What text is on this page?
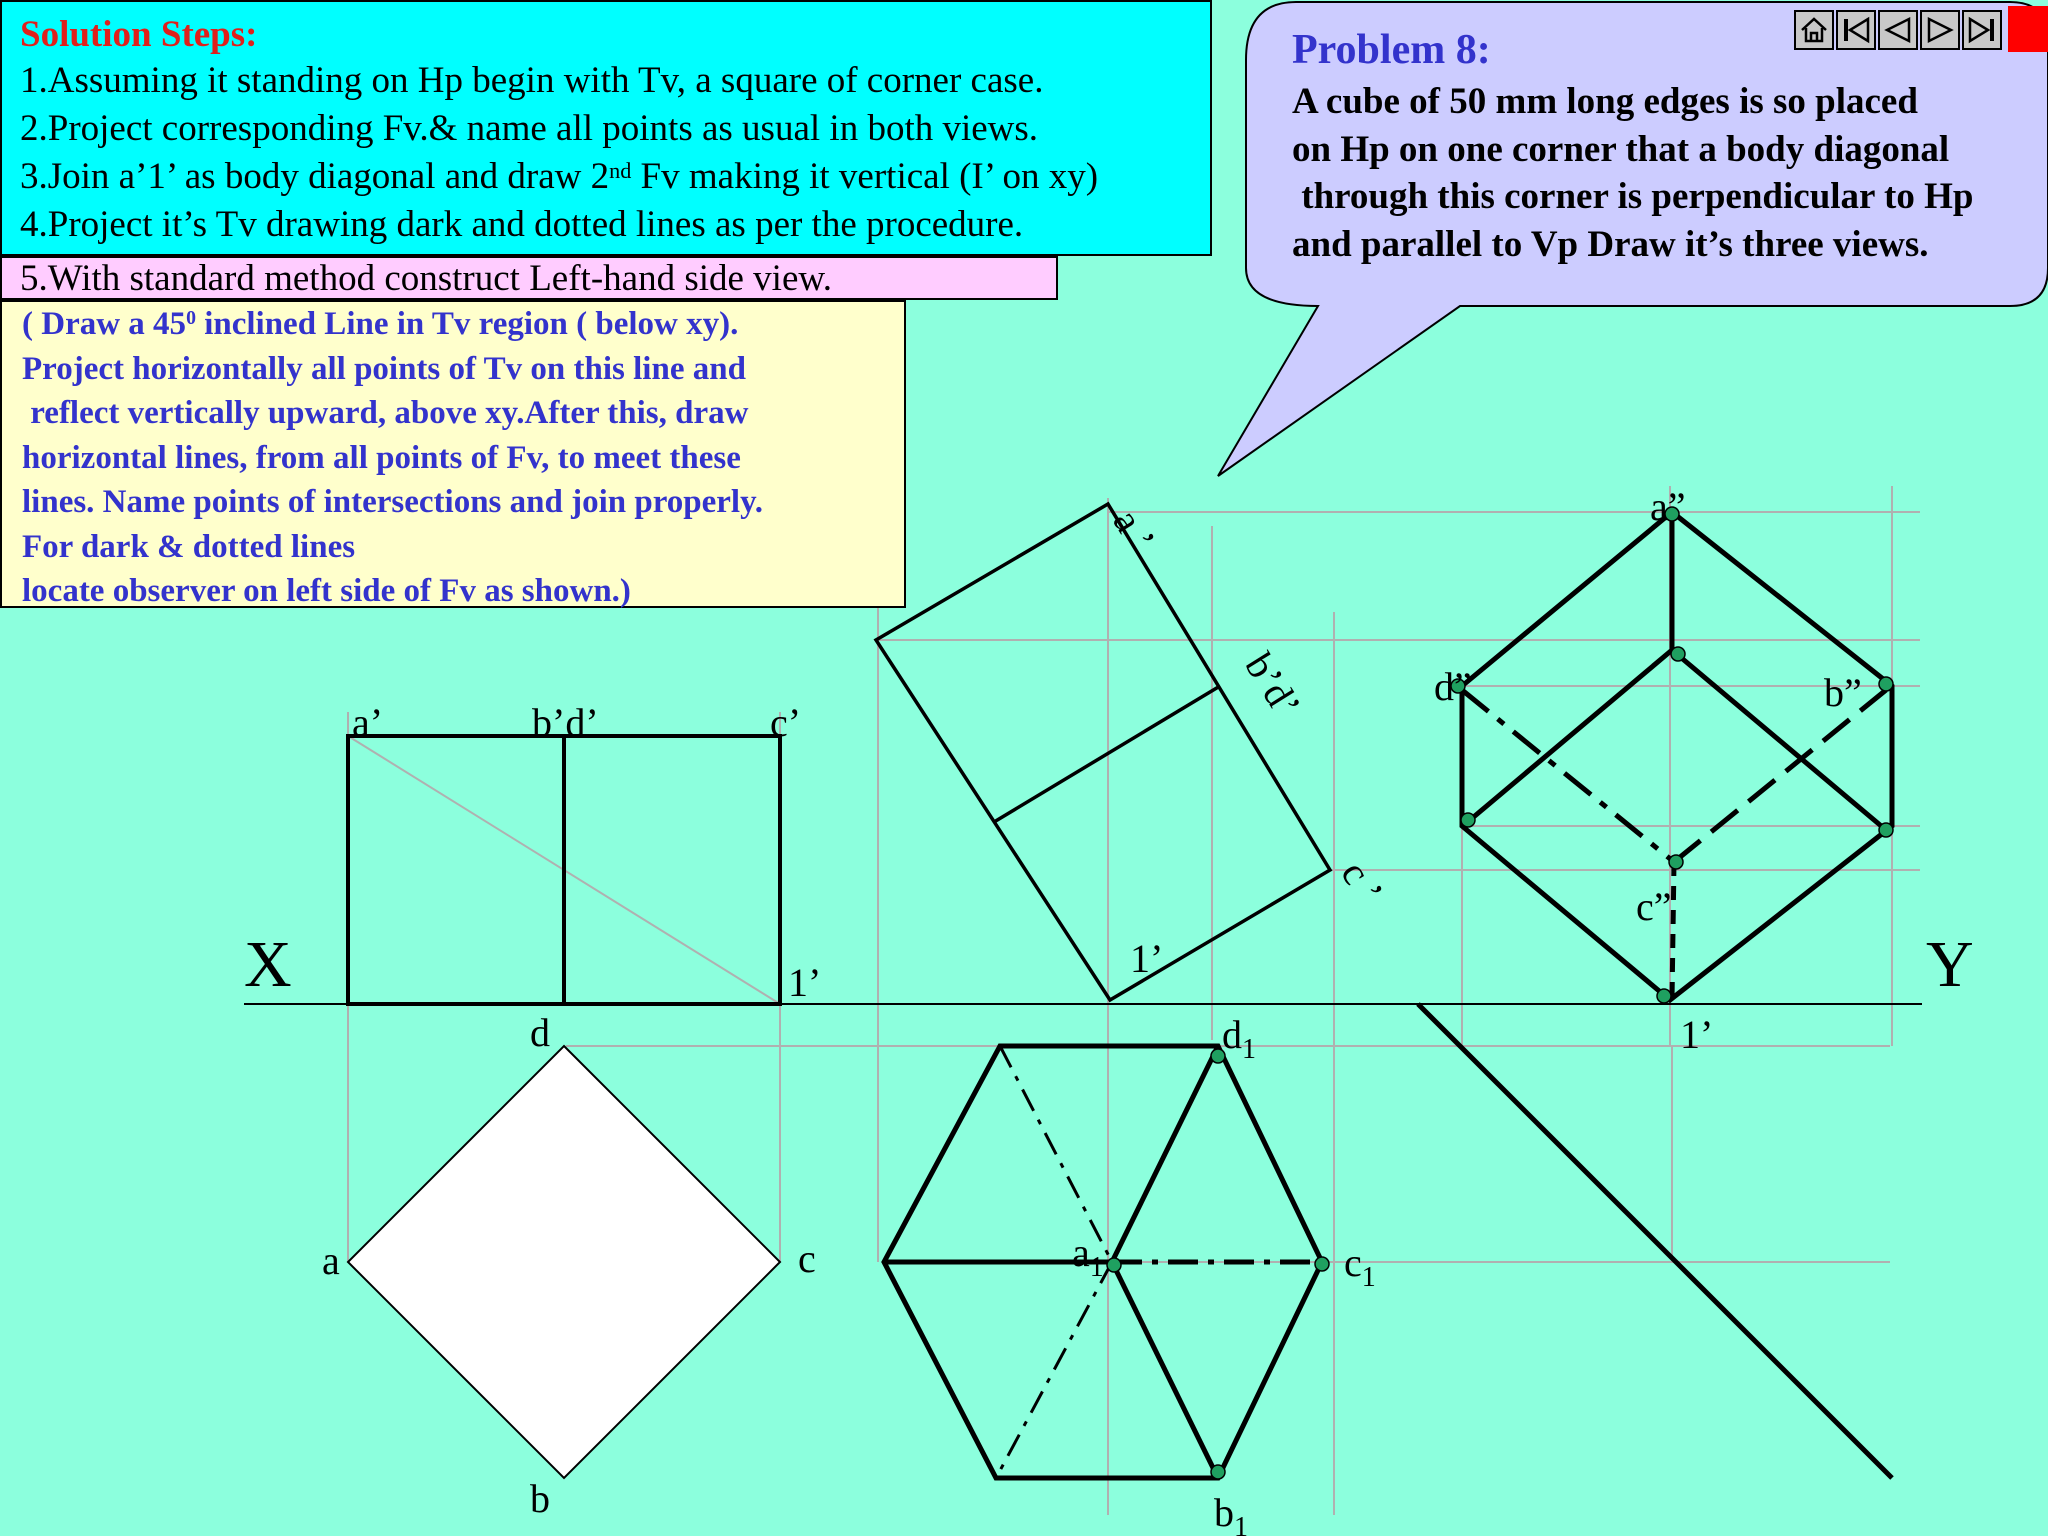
X	Y
a’	b’d’	c’
1’
d
a	c
b
a ’
b’d’
c ’
1’
$d_1$
$a_1$	$c_1$
$b_1$
a”
d”	b”
c”
1’
Solution Steps:
1.Assuming it standing on Hp begin with Tv, a square of corner case.
2.Project corresponding Fv.& name all points as usual in both views.
3.Join a’1’ as body diagonal and draw 2nd Fv making it vertical (I’ on xy)
4.Project it’s Tv drawing dark and dotted lines as per the procedure.
5.With standard method construct Left-hand side view.
( Draw a $45^0$ inclined Line in Tv region ( below xy).
Project horizontally all points of Tv on this line and
reflect vertically upward, above xy.After this, draw
horizontal lines, from all points of Fv, to meet these
lines. Name points of intersections and join properly.
For dark & dotted lines
locate observer on left side of Fv as shown.)
Problem 8:
A cube of 50 mm long edges is so placed
on Hp on one corner that a body diagonal
through this corner is perpendicular to Hp
and parallel to Vp Draw it’s three views.
